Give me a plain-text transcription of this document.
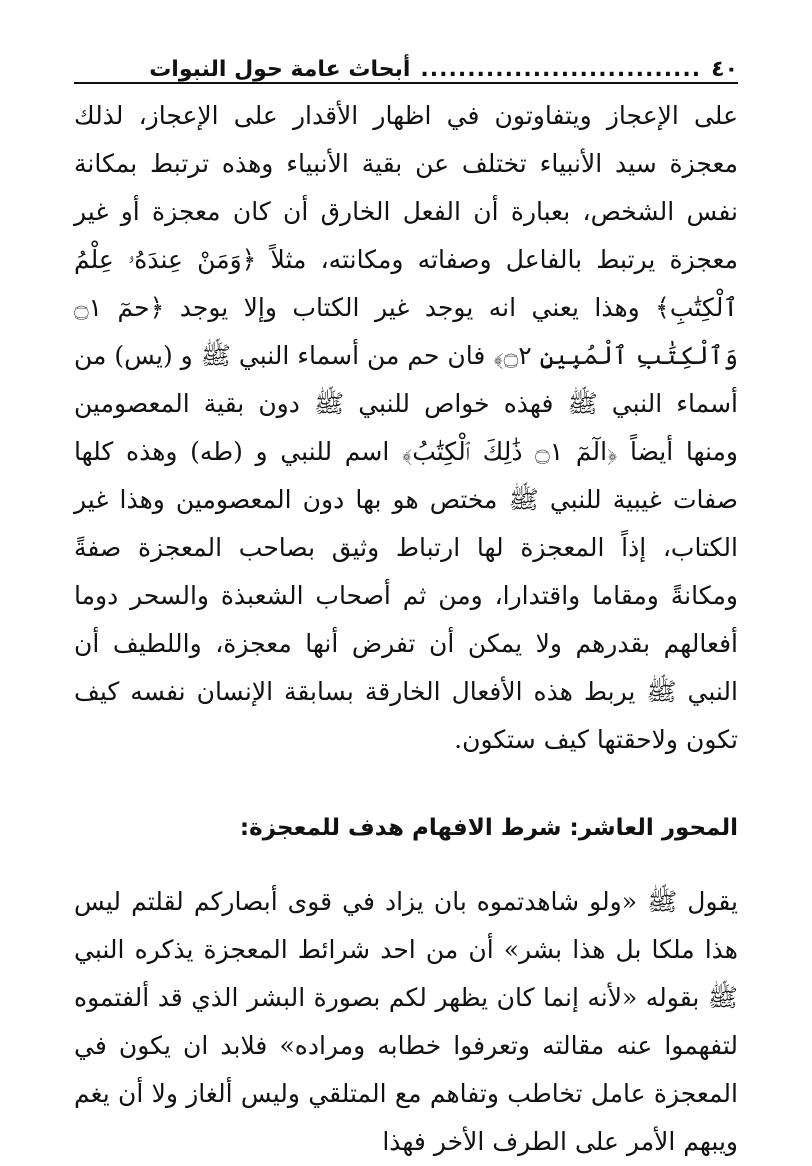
٤٠
..............................
أبحاث عامة حول النبوات

على الإعجاز ويتفاوتون في اظهار الأقدار على الإعجاز، لذلك معجزة سيد الأنبياء تختلف عن بقية الأنبياء وهذه ترتبط بمكانة نفس الشخص، بعبارة أن الفعل الخارق أن كان معجزة أو غير معجزة يرتبط بالفاعل وصفاته ومكانته، مثلاً ﴿وَمَنْ عِندَهُۥ عِلْمُ ٱلْكِتَٰبِ﴾ وهذا يعني انه يوجد غير الكتاب وإلا يوجد ﴿حمٓ ۝١ وَٱلْكِتَٰبِ ٱلْمُبِينِ ۝٢﴾ فان حم من أسماء النبي ﷺ و (يس) من أسماء النبي ﷺ فهذه خواص للنبي ﷺ دون بقية المعصومين ومنها أيضاً ﴿الٓمٓ ۝١ ذَٰلِكَ ٱلْكِتَٰبُ﴾ اسم للنبي و (طه) وهذه كلها صفات غيبية للنبي ﷺ مختص هو بها دون المعصومين وهذا غير الكتاب، إذاً المعجزة لها ارتباط وثيق بصاحب المعجزة صفةً ومكانةً ومقاما واقتدارا، ومن ثم أصحاب الشعبذة والسحر دوما أفعالهم بقدرهم ولا يمكن أن تفرض أنها معجزة، واللطيف أن النبي ﷺ يربط هذه الأفعال الخارقة بسابقة الإنسان نفسه كيف تكون ولاحقتها كيف ستكون.

المحور العاشر: شرط الافهام هدف للمعجزة:

يقول ﷺ «ولو شاهدتموه بان يزاد في قوى أبصاركم لقلتم ليس هذا ملكا بل هذا بشر» أن من احد شرائط المعجزة يذكره النبي ﷺ بقوله «لأنه إنما كان يظهر لكم بصورة البشر الذي قد ألفتموه لتفهموا عنه مقالته وتعرفوا خطابه ومراده» فلابد ان يكون في المعجزة عامل تخاطب وتفاهم مع المتلقي وليس ألغاز ولا أن يغم ويبهم الأمر على الطرف الأخر فهذا
